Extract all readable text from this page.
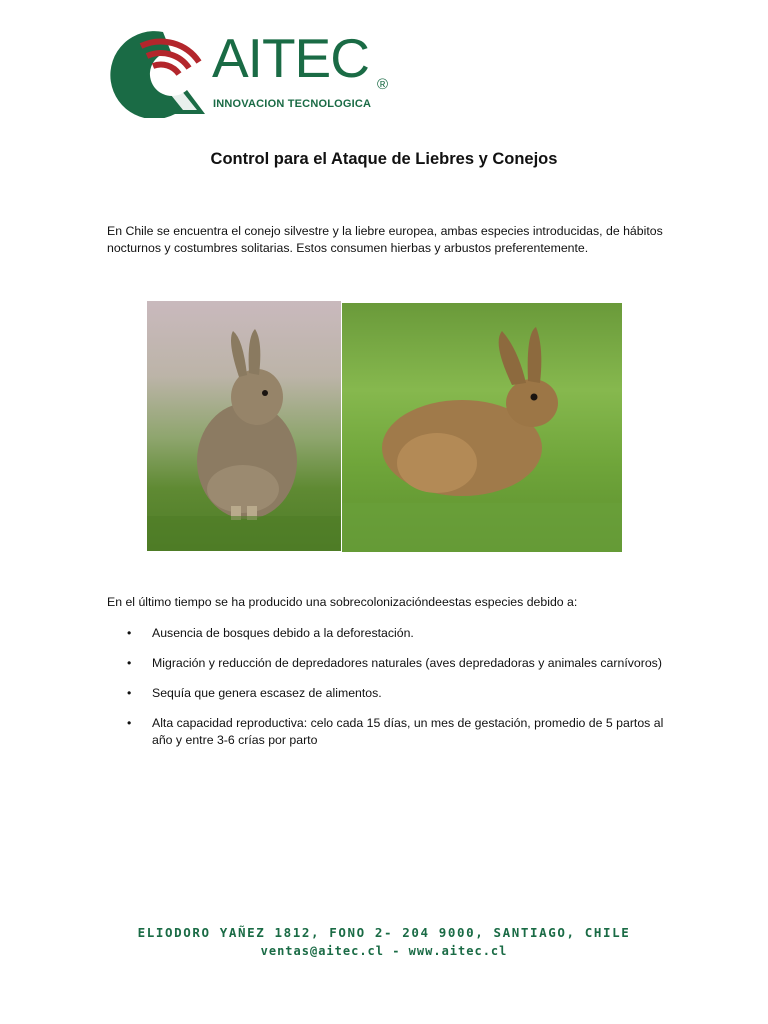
AITEC ®
INNOVACION TECNOLOGICA
Control para el Ataque de Liebres y Conejos
En Chile se encuentra el conejo silvestre y la liebre europea, ambas especies introducidas, de hábitos nocturnos y costumbres solitarias. Estos consumen hierbas y arbustos preferentemente.
En el último tiempo se ha producido una sobrecolonizacióndeestas especies debido a:
• Ausencia de bosques debido a la deforestación.
• Migración y reducción de depredadores naturales (aves depredadoras y animales carnívoros)
• Sequía que genera escasez de alimentos.
• Alta capacidad reproductiva: celo cada 15 días, un mes de gestación, promedio de 5 partos al año y entre 3-6 crías por parto
ELIODORO YAÑEZ 1812, FONO 2- 204 9000, SANTIAGO, CHILE
ventas@aitec.cl - www.aitec.cl
